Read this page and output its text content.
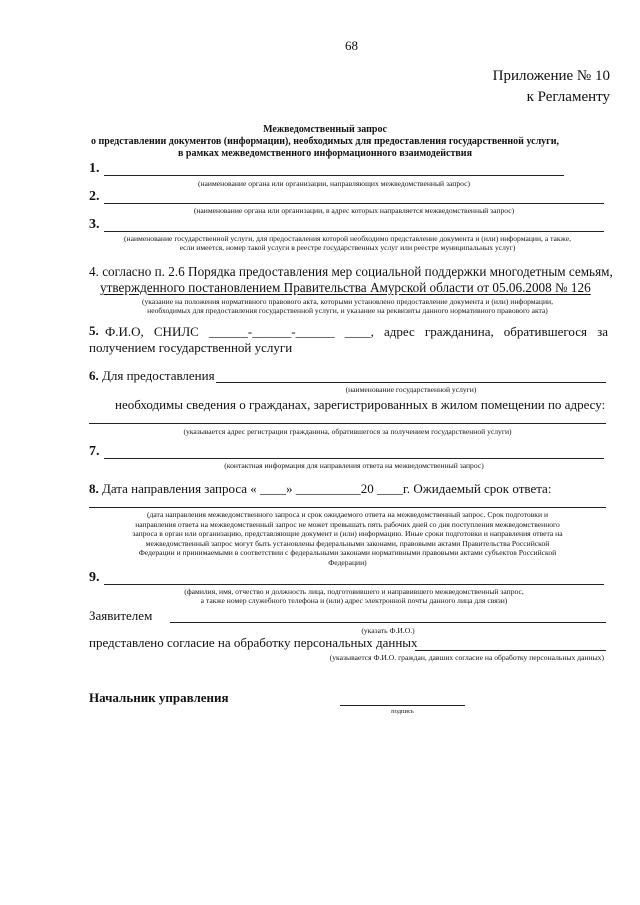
68
Приложение № 10
к Регламенту
Межведомственный запрос
о представлении документов (информации), необходимых для предоставления государственной услуги,
в рамках межведомственного информационного взаимодействия
1.
(наименование органа или организации, направляющих межведомственный запрос)
2.
(наименование органа или организации, в адрес которых направляется межведомственный запрос)
3.
(наименование государственной услуги, для предоставления которой необходимо представление документа и (или) информации, а также,
если имеется, номер такой услуги в реестре государственных услуг или реестре муниципальных услуг)
4. согласно п. 2.6 Порядка предоставления мер социальной поддержки многодетным семьям,
утвержденного постановлением Правительства Амурской области от 05.06.2008 № 126
(указание на положения нормативного правового акта, которыми установлено предоставление документа и (или) информации,
необходимых для предоставления государственной услуги, и указание на реквизиты данного нормативного правового акта)
5. Ф.И.О, СНИЛС ______-______-______ ____, адрес гражданина, обратившегося за
получением государственной услуги
6. Для предоставления
(наименование государственной услуги)
необходимы сведения о гражданах, зарегистрированных в жилом помещении по адресу:
(указывается адрес регистрации гражданина, обратившегося за получением государственной услуги)
7.
(контактная информация для направления ответа на межведомственный запрос)
8. Дата направления запроса « ____» __________20 ____г. Ожидаемый срок ответа:
(дата направления межведомственного запроса и срок ожидаемого ответа на межведомственный запрос. Срок подготовки и
направления ответа на межведомственный запрос не может превышать пять рабочих дней со дня поступления межведомственного
запроса в орган или организацию, представляющие документ и (или) информацию. Иные сроки подготовки и направления ответа на
межведомственный запрос могут быть установлены федеральными законами, правовыми актами Правительства Российской
Федерации и принимаемыми в соответствии с федеральными законами нормативными правовыми актами субъектов Российской
Федерации)
9.
(фамилия, имя, отчество и должность лица, подготовившего и направившего межведомственный запрос,
а также номер служебного телефона и (или) адрес электронной почты данного лица для связи)
Заявителем
(указать Ф.И.О.)
представлено согласие на обработку персональных данных
(указывается Ф.И.О. граждан, давших согласие на обработку персональных данных)
Начальник управления
подпись
